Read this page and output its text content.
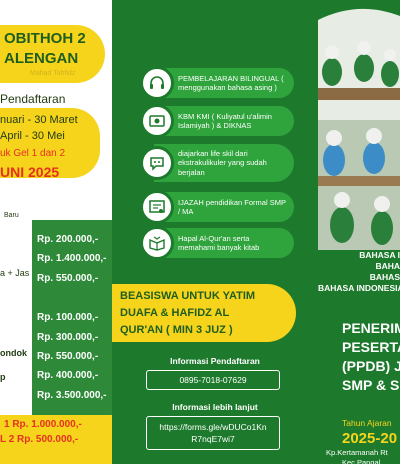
OBITHOH 2
ALENGAN
Mahad Tahfidz
Pendaftaran
nuari - 30 Maret
April - 30 Mei
uk Gel 1 dan 2
UNI 2025
Baru
a + Jas
ondok
p
Rp. 200.000,-
Rp. 1.400.000,-
Rp. 550.000,-
Rp. 100.000,-
Rp. 300.000,-
Rp. 550.000,-
Rp. 400.000,-
Rp. 3.500.000,-
1 Rp. 1.000.000,-
L 2 Rp. 500.000,-
PEMBELAJARAN BILINGUAL ( menggunakan bahasa asing )
KBM KMI ( Kuliyatul u'alimin Islamiyah ) & DIKNAS
diajarkan life skil dari ekstrakulikuler yang sudah berjalan
IJAZAH pendidikan Formal SMP / MA
Hapal Al-Qur'an serta memahami banyak kitab
BEASISWA UNTUK YATIM
DUAFA & HAFIDZ AL
QUR'AN ( MIN 3 JUZ )
Informasi Pendaftaran
0895-7018-07629
Informasi lebih lanjut
https://forms.gle/wDUCo1Kn
R7nqE7wi7
BAHASA I
BAHA
BAHAS
BAHASA INDONESIA
PENERIM
PESERTA
(PPDB) J
SMP & S
Tahun Ajaran
2025-20
Kp.Kertamanah Rt
Kec.Pangal
